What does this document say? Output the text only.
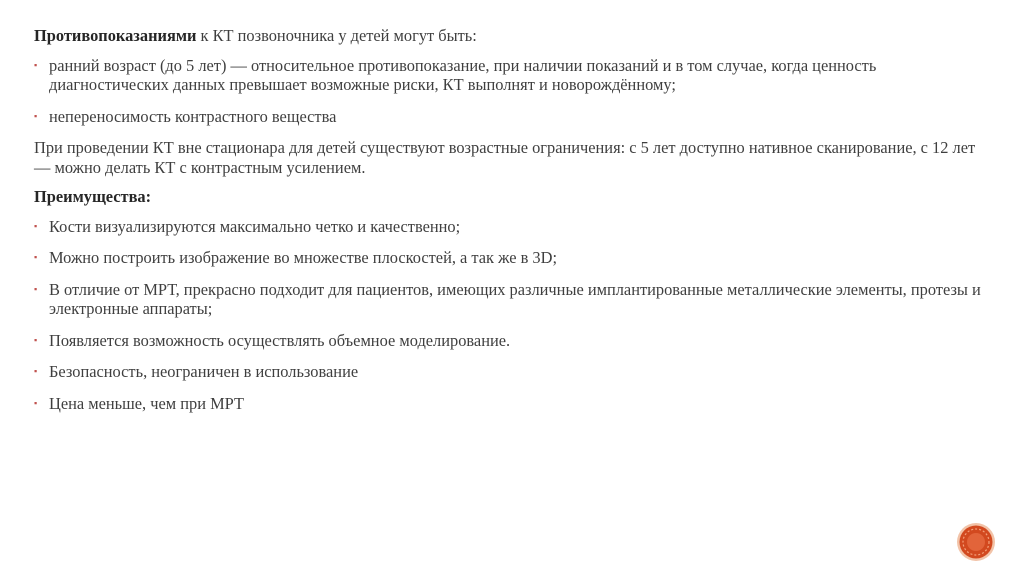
Противопоказаниями к КТ позвоночника у детей могут быть:

▪ ранний возраст (до 5 лет) — относительное противопоказание, при наличии показаний и в том случае, когда ценность диагностических данных превышает возможные риски, КТ выполнят и новорождённому;
▪ непереносимость контрастного вещества

При проведении КТ вне стационара для детей существуют возрастные ограничения: с 5 лет доступно нативное сканирование, с 12 лет — можно делать КТ с контрастным усилением.

Преимущества:

▪ Кости визуализируются максимально четко и качественно;
▪ Можно построить изображение во множестве плоскостей, а так же в 3D;
▪ В отличие от МРТ, прекрасно подходит для пациентов, имеющих различные имплантированные металлические элементы, протезы и электронные аппараты;
▪ Появляется возможность осуществлять объемное моделирование.
▪ Безопасность, неограничен в использование
▪ Цена меньше, чем при МРТ
